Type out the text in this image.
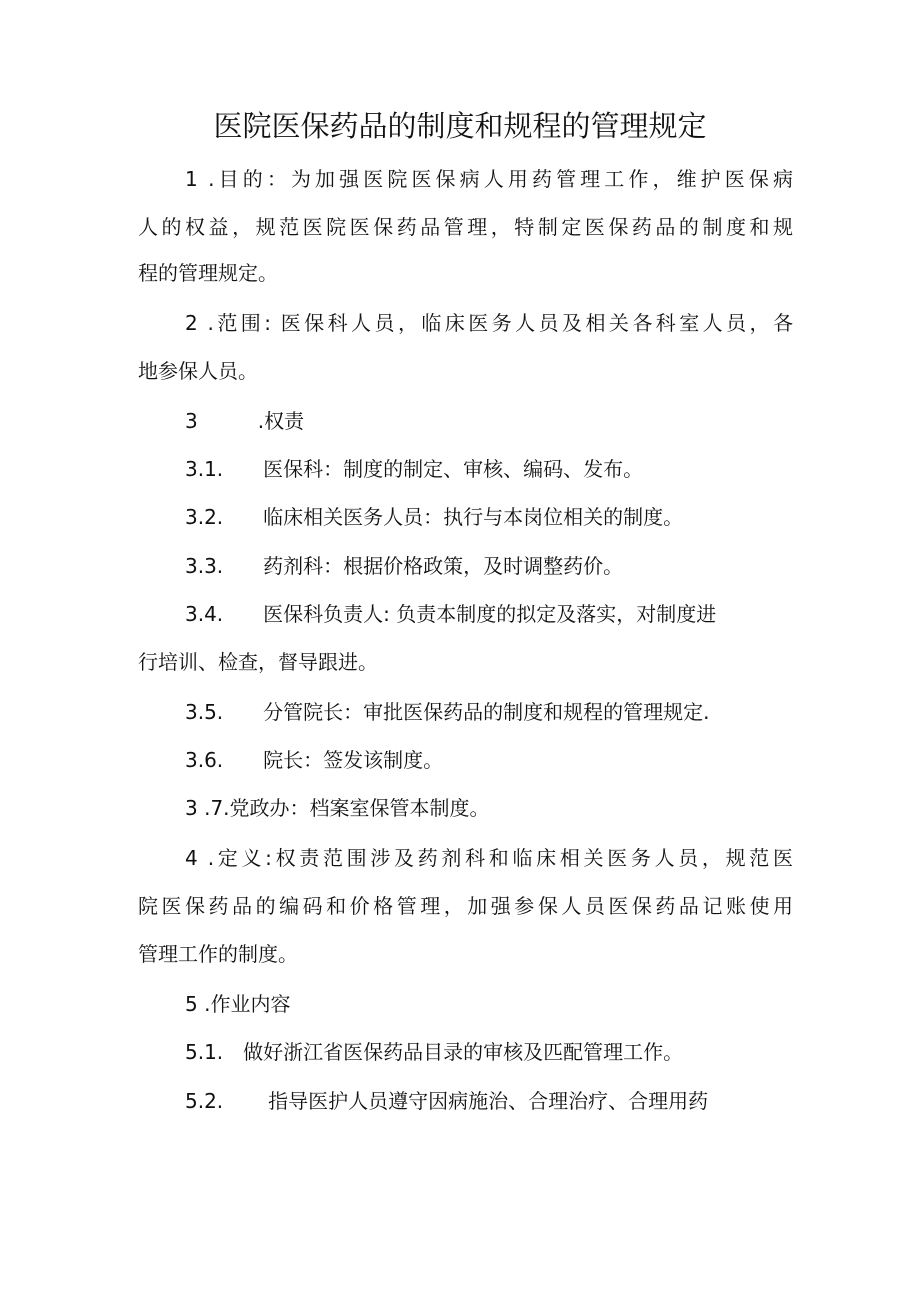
医院医保药品的制度和规程的管理规定

1 .目的：为加强医院医保病人用药管理工作，维护医保病

人的权益，规范医院医保药品管理，特制定医保药品的制度和规

程的管理规定。

2 .范围: 医保科人员，临床医务人员及相关各科室人员，各

地参保人员。

3	.权责

3.1. 医保科：制度的制定、审核、编码、发布。

3.2. 临床相关医务人员：执行与本岗位相关的制度。

3.3. 药剂科：根据价格政策，及时调整药价。

3.4. 医保科负责人: 负责本制度的拟定及落实，对制度进

行培训、检查，督导跟进。

3.5. 分管院长：审批医保药品的制度和规程的管理规定.

3.6. 院长：签发该制度。

3 .7.党政办：档案室保管本制度。

4 .定义:权责范围涉及药剂科和临床相关医务人员，规范医

院医保药品的编码和价格管理，加强参保人员医保药品记账使用

管理工作的制度。

5 .作业内容

5.1. 做好浙江省医保药品目录的审核及匹配管理工作。

5.2. 指导医护人员遵守因病施治、合理治疗、合理用药
